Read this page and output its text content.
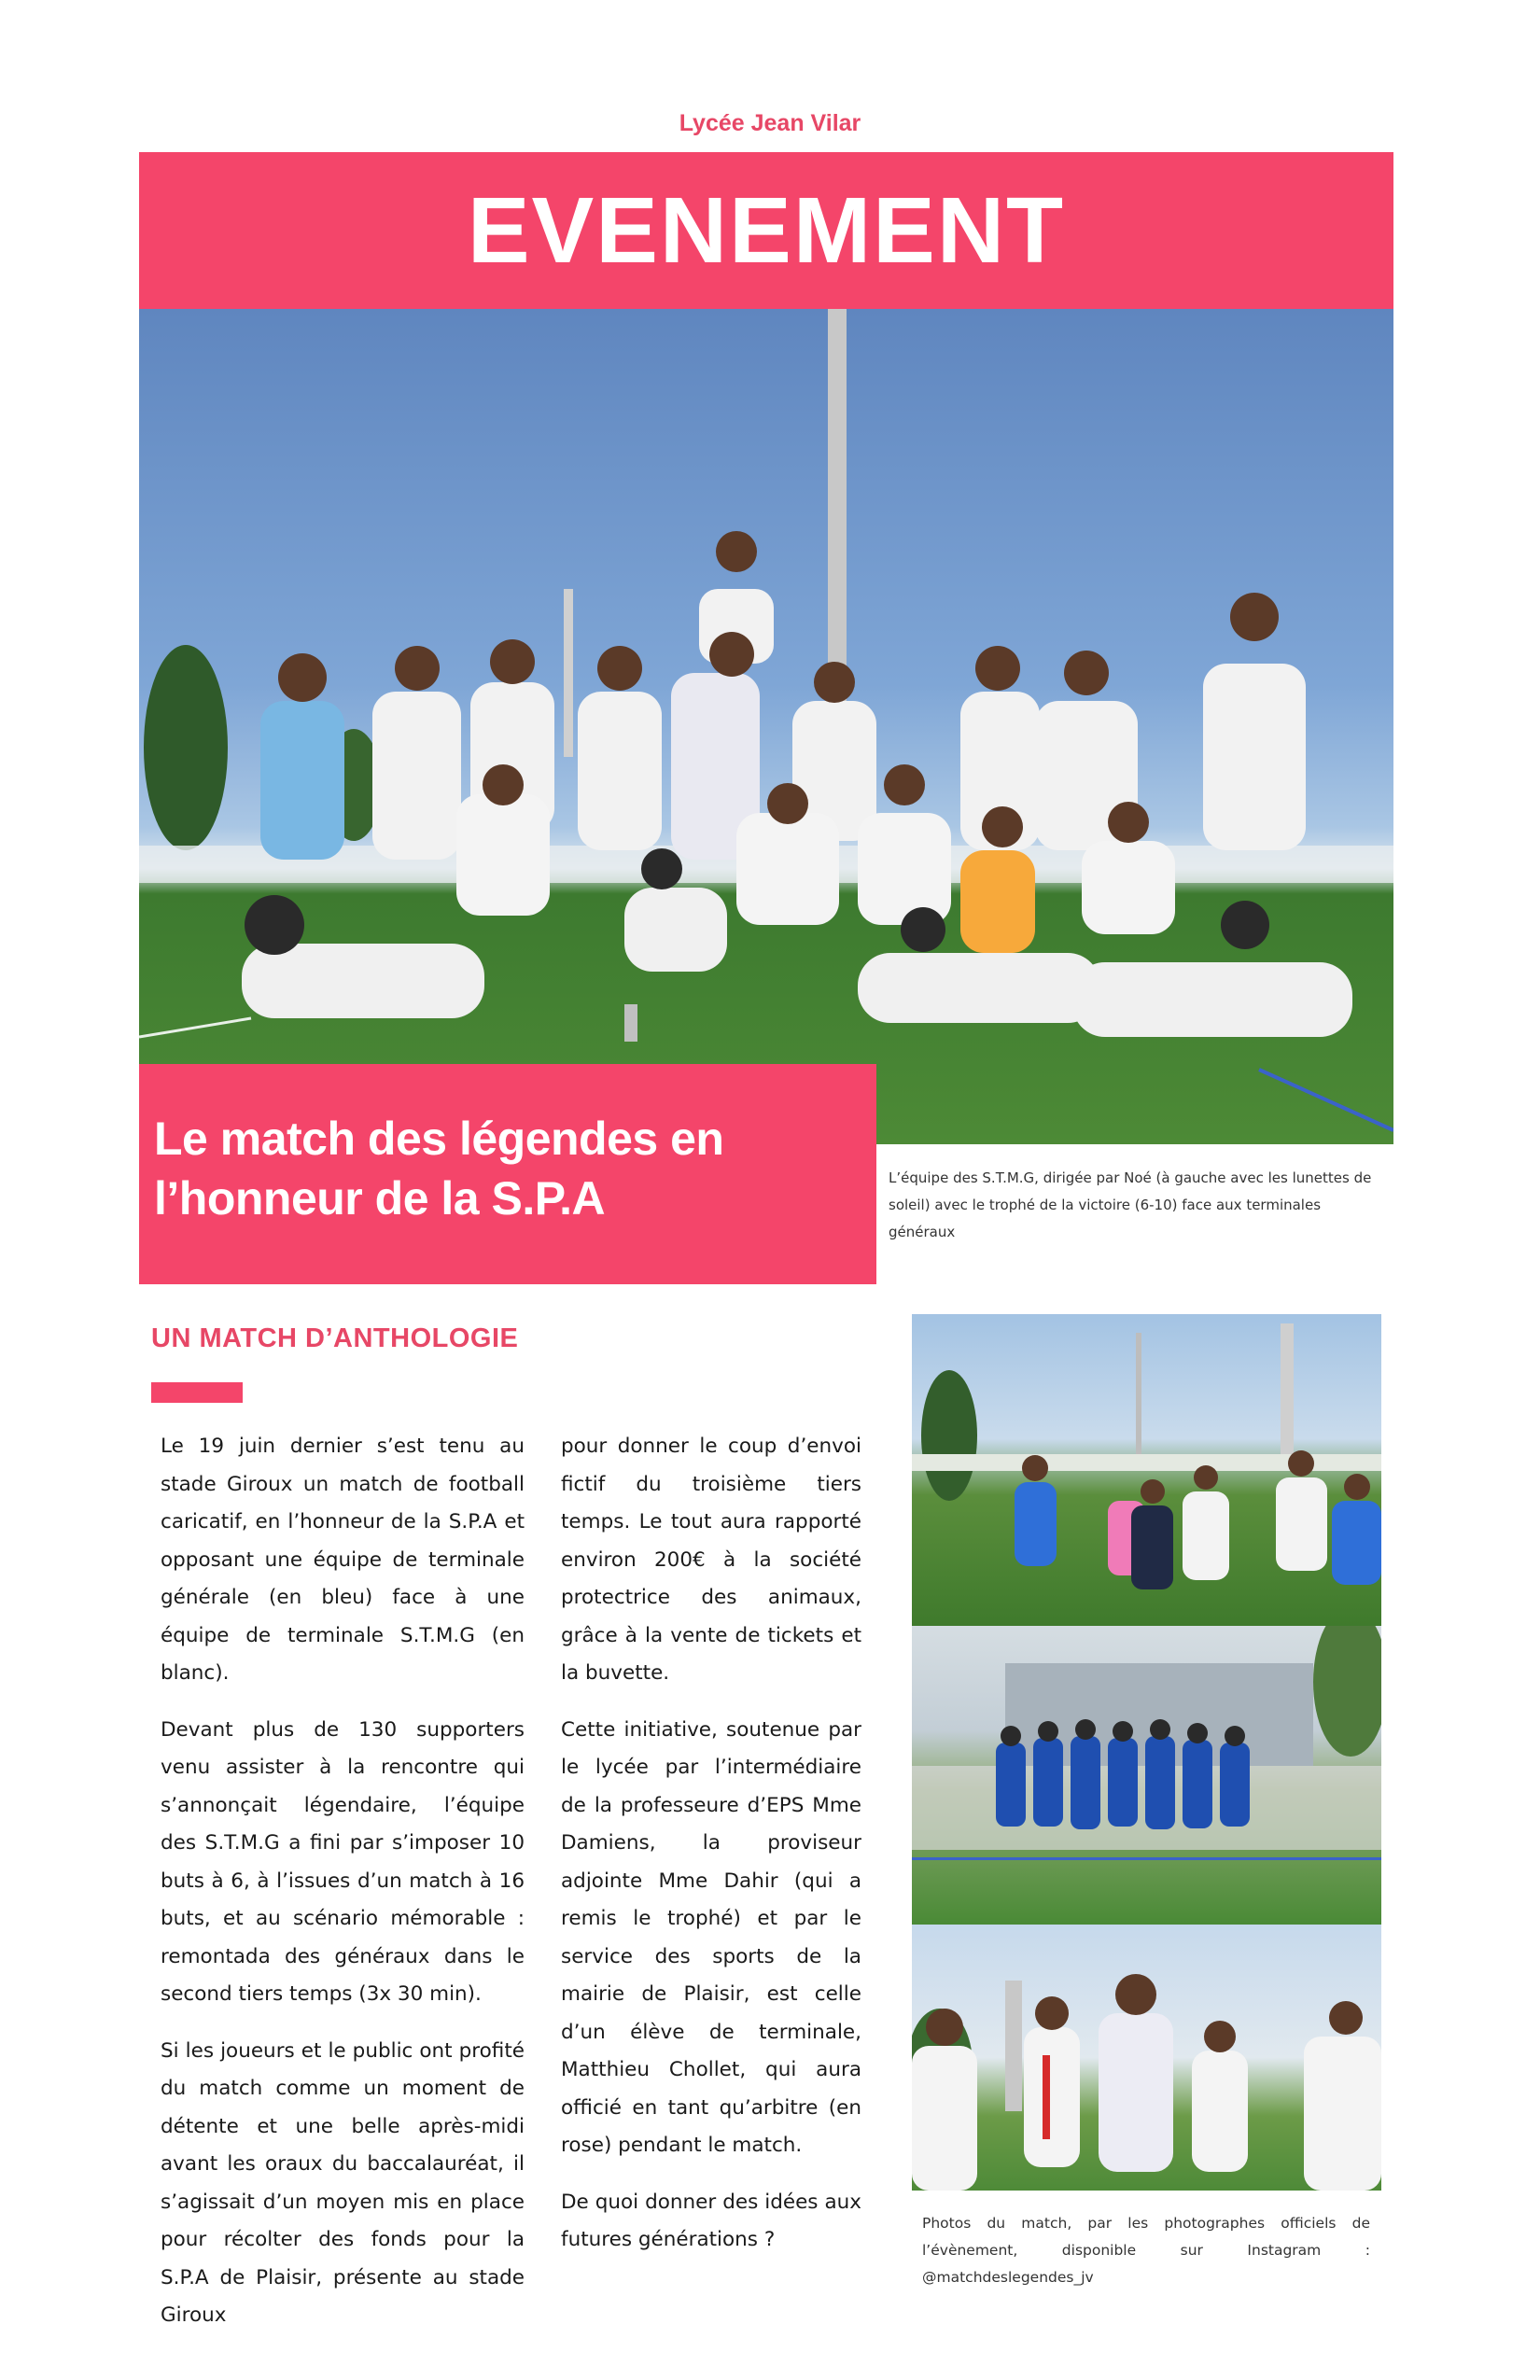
Lycée Jean Vilar
EVENEMENT
Le match des légendes en
l’honneur de la S.P.A	L’équipe des S.T.M.G, dirigée par Noé (à gauche avec les lunettes de soleil) avec le trophé de la victoire (6-10) face aux terminales généraux
UN MATCH D’ANTHOLOGIE

Le 19 juin dernier s’est tenu au stade Giroux un match de football caricatif, en l’honneur de la S.P.A et opposant une équipe de terminale générale (en bleu) face à une équipe de terminale S.T.M.G (en blanc).

Devant plus de 130 supporters venu assister à la rencontre qui s’annonçait légendaire, l’équipe des S.T.M.G a fini par s’imposer 10 buts à 6, à l’issues d’un match à 16 buts, et au scénario mémorable : remontada des généraux dans le second tiers temps (3x 30 min).

Si les joueurs et le public ont profité du match comme un moment de détente et une belle après-midi avant les oraux du baccalauréat, il s’agissait d’un moyen mis en place pour récolter des fonds pour la S.P.A de Plaisir, présente au stade Giroux

pour donner le coup d’envoi fictif du troisième tiers temps. Le tout aura rapporté environ 200€ à la société protectrice des animaux, grâce à la vente de tickets et la buvette.

Cette initiative, soutenue par le lycée par l’intermédiaire de la professeure d’EPS Mme Damiens, la proviseur adjointe Mme Dahir (qui a remis le trophé) et par le service des sports de la mairie de Plaisir, est celle d’un élève de terminale, Matthieu Chollet, qui aura officié en tant qu’arbitre (en rose) pendant le match.

De quoi donner des idées aux futures générations ?

Photos du match, par les photographes officiels de l’évènement, disponible sur Instagram : @matchdeslegendes_jv
